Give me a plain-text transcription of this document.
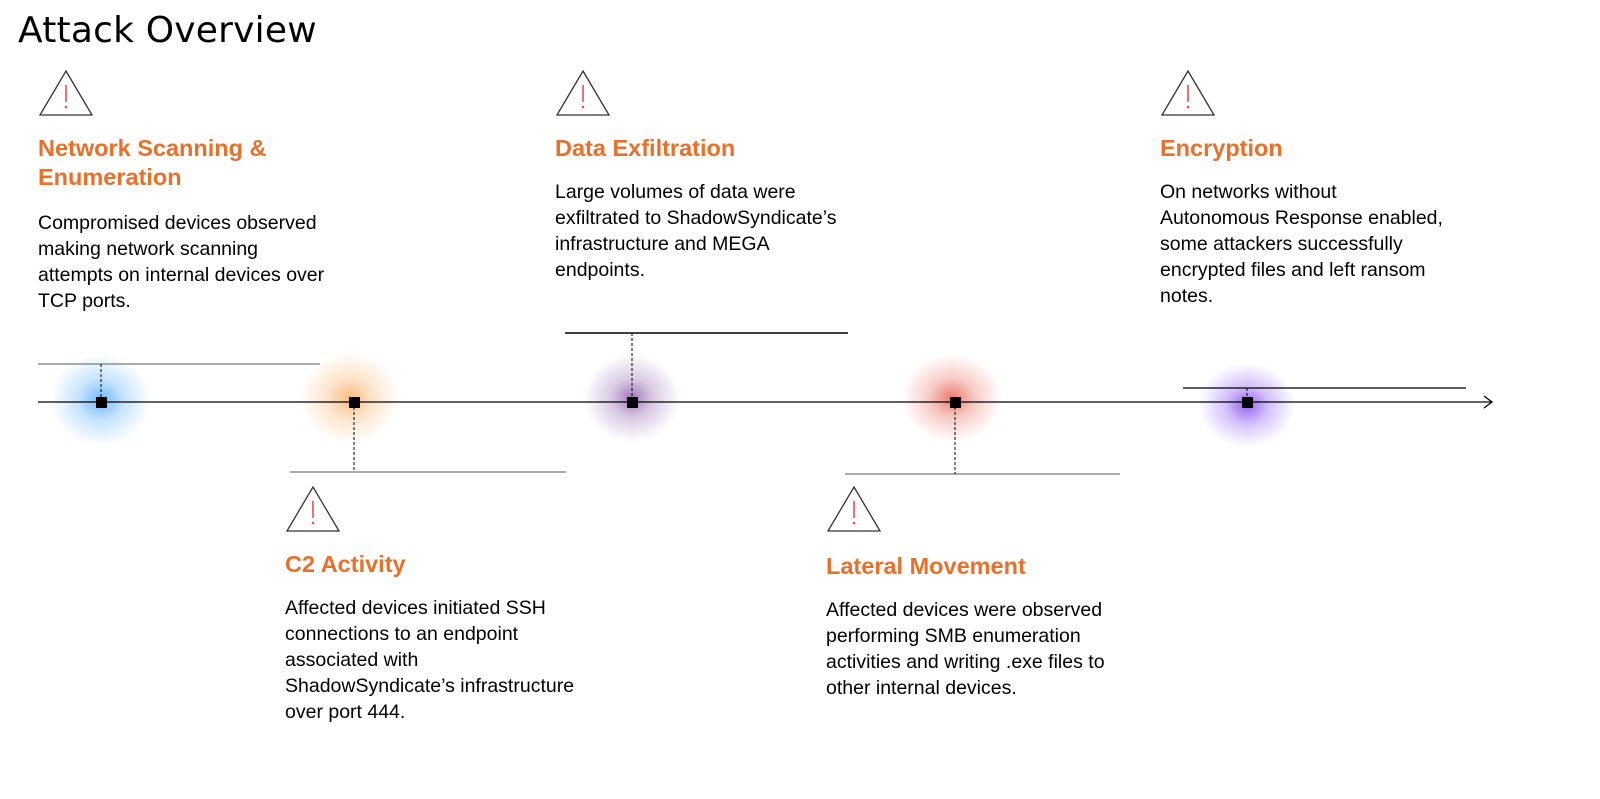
Attack Overview
Network Scanning & Enumeration

Compromised devices observed making network scanning attempts on internal devices over TCP ports.

Data Exfiltration

Large volumes of data were exfiltrated to ShadowSyndicate’s infrastructure and MEGA endpoints.

Encryption

On networks without Autonomous Response enabled, some attackers successfully encrypted files and left ransom notes.

C2 Activity

Affected devices initiated SSH connections to an endpoint associated with ShadowSyndicate’s infrastructure over port 444.

Lateral Movement

Affected devices were observed performing SMB enumeration activities and writing .exe files to other internal devices.
